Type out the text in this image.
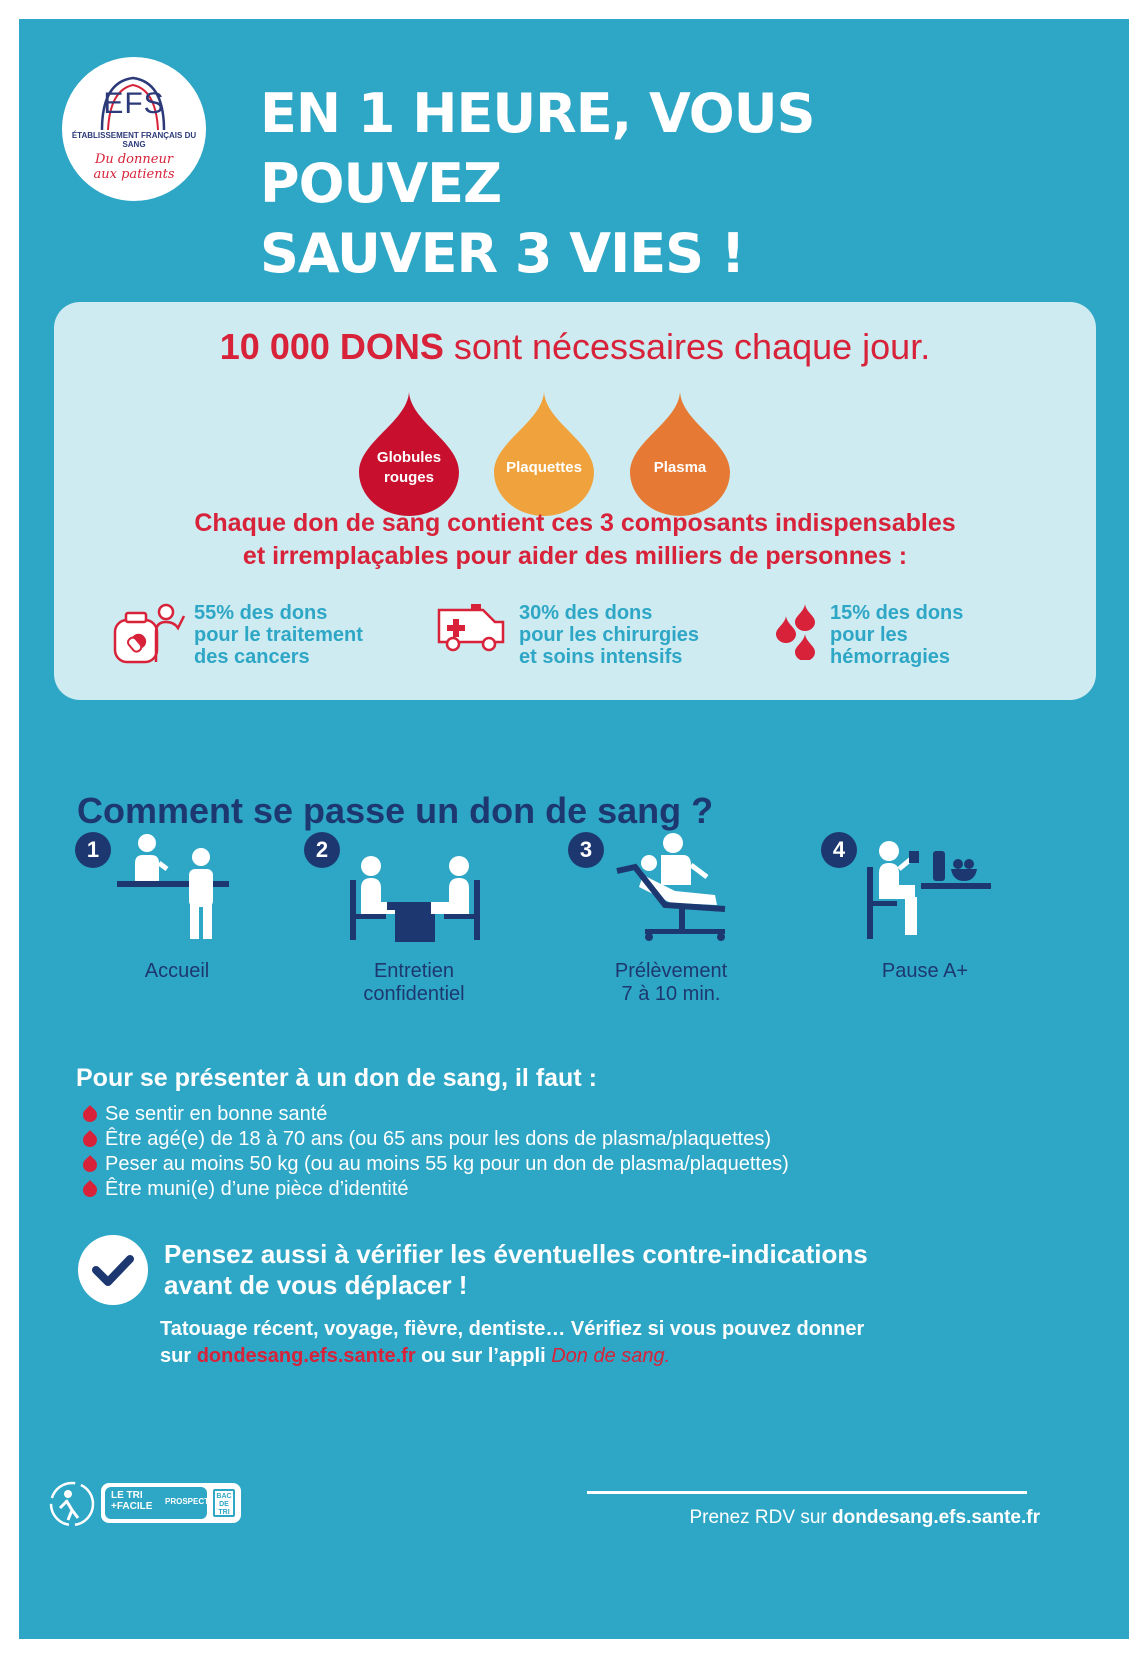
EFS
ÉTABLISSEMENT FRANÇAIS DU SANG
Du donneur
aux patients
EN 1 HEURE, VOUS POUVEZ
SAUVER 3 VIES !
10 000 DONS sont nécessaires chaque jour.
Globules rouges
Plaquettes	Plasma
Chaque don de sang contient ces 3 composants indispensables
et irremplaçables pour aider des milliers de personnes :
55% des dons
pour le traitement
des cancers
30% des dons
pour les chirurgies
et soins intensifs
15% des dons
pour les
hémorragies
Comment se passe un don de sang ?
1
Accueil
2
Entretien
confidentiel
3
Prélèvement
7 à 10 min.
4
Pause A+
Pour se présenter à un don de sang, il faut :
Se sentir en bonne santé
Être agé(e) de 18 à 70 ans (ou 65 ans pour les dons de plasma/plaquettes)
Peser au moins 50 kg (ou au moins 55 kg pour un don de plasma/plaquettes)
Être muni(e) d’une pièce d’identité
Pensez aussi à vérifier les éventuelles contre-indications
avant de vous déplacer !
Tatouage récent, voyage, fièvre, dentiste… Vérifiez si vous pouvez donner
sur dondesang.efs.sante.fr ou sur l’appli Don de sang.
LE TRI
+FACILE PROSPECTUS
BAC DE TRI	Prenez RDV sur dondesang.efs.sante.fr
